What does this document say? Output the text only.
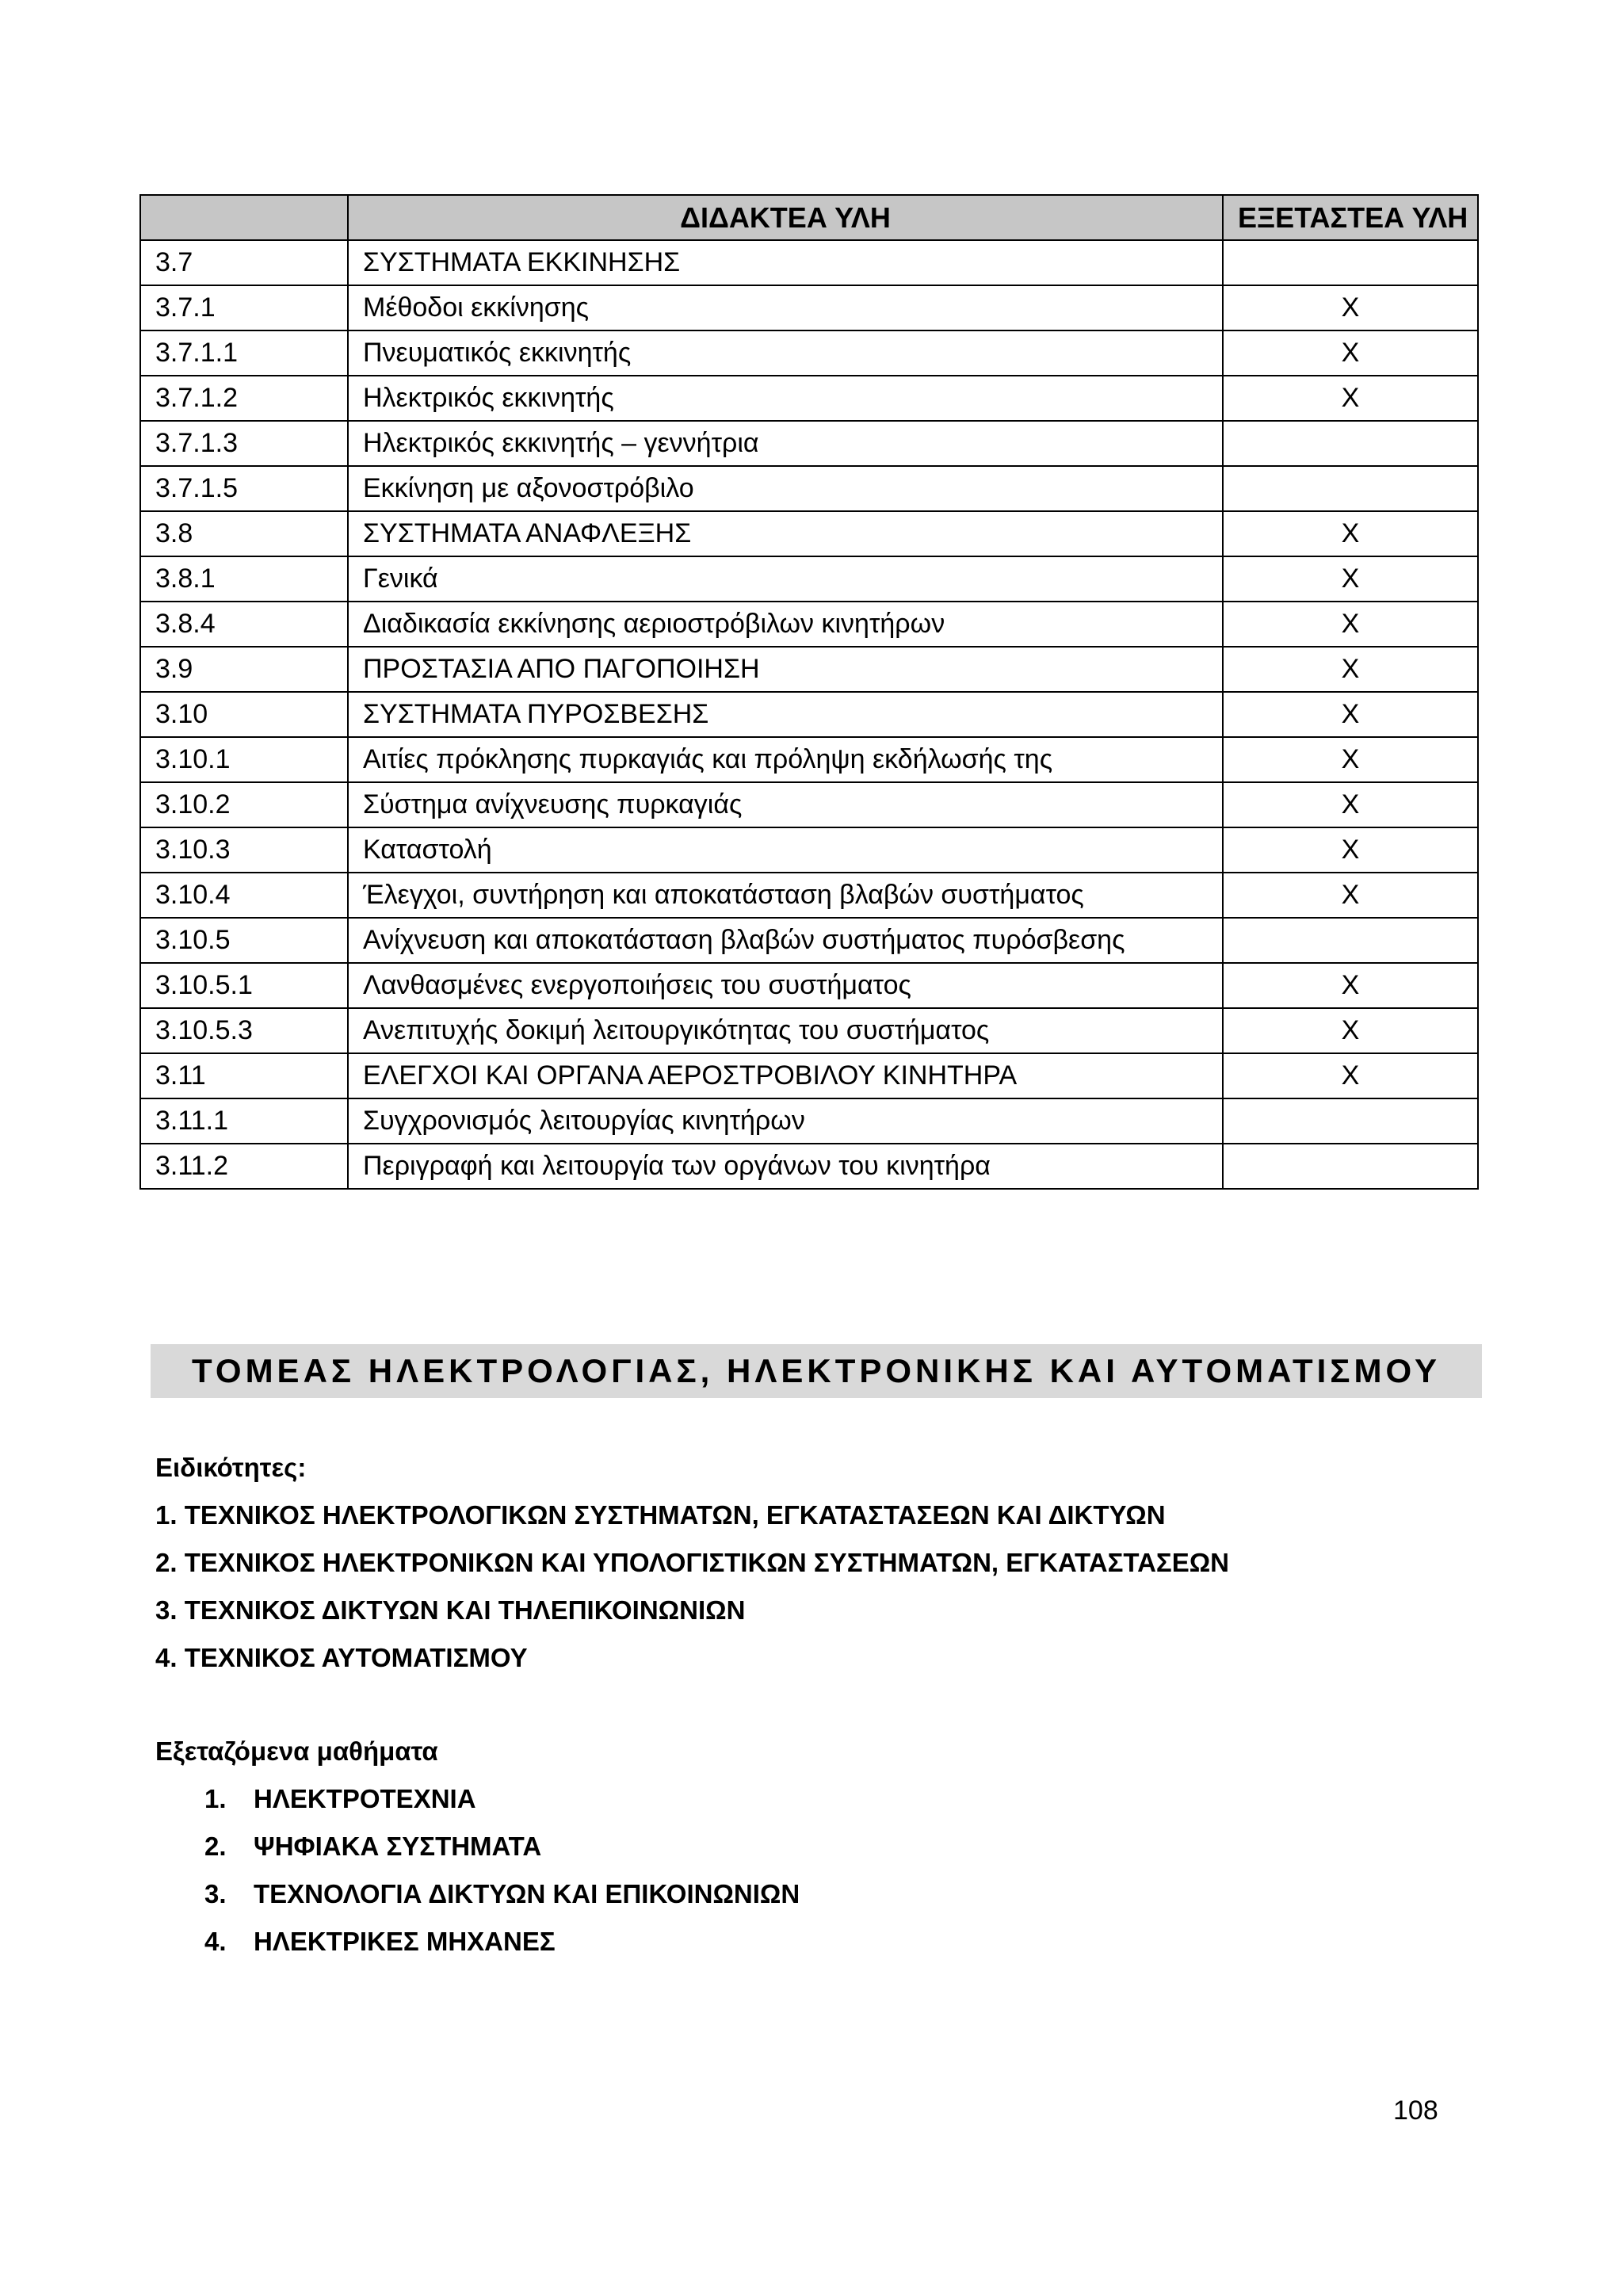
	ΔΙΔΑΚΤΕΑ ΥΛΗ	ΕΞΕΤΑΣΤΕΑ ΥΛΗ
3.7	ΣΥΣΤΗΜΑΤΑ ΕΚΚΙΝΗΣΗΣ	
3.7.1	Μέθοδοι εκκίνησης	Χ
3.7.1.1	Πνευματικός εκκινητής	Χ
3.7.1.2	Ηλεκτρικός εκκινητής	Χ
3.7.1.3	Ηλεκτρικός εκκινητής – γεννήτρια	
3.7.1.5	Εκκίνηση με αξονοστρόβιλο	
3.8	ΣΥΣΤΗΜΑΤΑ ΑΝΑΦΛΕΞΗΣ	Χ
3.8.1	Γενικά	Χ
3.8.4	Διαδικασία εκκίνησης αεριοστρόβιλων κινητήρων	Χ
3.9	ΠΡΟΣΤΑΣΙΑ ΑΠΟ ΠΑΓΟΠΟΙΗΣΗ	Χ
3.10	ΣΥΣΤΗΜΑΤΑ ΠΥΡΟΣΒΕΣΗΣ	Χ
3.10.1	Αιτίες πρόκλησης πυρκαγιάς και πρόληψη εκδήλωσής της	Χ
3.10.2	Σύστημα ανίχνευσης πυρκαγιάς	Χ
3.10.3	Καταστολή	Χ
3.10.4	Έλεγχοι, συντήρηση και αποκατάσταση βλαβών συστήματος	Χ
3.10.5	Ανίχνευση και αποκατάσταση βλαβών συστήματος πυρόσβεσης	
3.10.5.1	Λανθασμένες ενεργοποιήσεις του συστήματος	Χ
3.10.5.3	Ανεπιτυχής δοκιμή λειτουργικότητας του συστήματος	Χ
3.11	ΕΛΕΓΧΟΙ ΚΑΙ ΟΡΓΑΝΑ ΑΕΡΟΣΤΡΟΒΙΛΟΥ ΚΙΝΗΤΗΡΑ	Χ
3.11.1	Συγχρονισμός λειτουργίας κινητήρων	
3.11.2	Περιγραφή και λειτουργία των οργάνων του κινητήρα	
ΤΟΜΕΑΣ ΗΛΕΚΤΡΟΛΟΓΙΑΣ, ΗΛΕΚΤΡΟΝΙΚΗΣ ΚΑΙ ΑΥΤΟΜΑΤΙΣΜΟΥ
Ειδικότητες:
1. ΤΕΧΝΙΚΟΣ ΗΛΕΚΤΡΟΛΟΓΙΚΩΝ ΣΥΣΤΗΜΑΤΩΝ, ΕΓΚΑΤΑΣΤΑΣΕΩΝ ΚΑΙ ΔΙΚΤΥΩΝ
2. ΤΕΧΝΙΚΟΣ ΗΛΕΚΤΡΟΝΙΚΩΝ ΚΑΙ ΥΠΟΛΟΓΙΣΤΙΚΩΝ ΣΥΣΤΗΜΑΤΩΝ, ΕΓΚΑΤΑΣΤΑΣΕΩΝ
3. ΤΕΧΝΙΚΟΣ ΔΙΚΤΥΩΝ ΚΑΙ ΤΗΛΕΠΙΚΟΙΝΩΝΙΩΝ
4. ΤΕΧΝΙΚΟΣ ΑΥΤΟΜΑΤΙΣΜΟΥ
Εξεταζόμενα μαθήματα
1.	ΗΛΕΚΤΡΟΤΕΧΝΙΑ
2.	ΨΗΦΙΑΚΑ ΣΥΣΤΗΜΑΤΑ
3.	ΤΕΧΝΟΛΟΓΙΑ ΔΙΚΤΥΩΝ ΚΑΙ ΕΠΙΚΟΙΝΩΝΙΩΝ
4.	ΗΛΕΚΤΡΙΚΕΣ ΜΗΧΑΝΕΣ
108
